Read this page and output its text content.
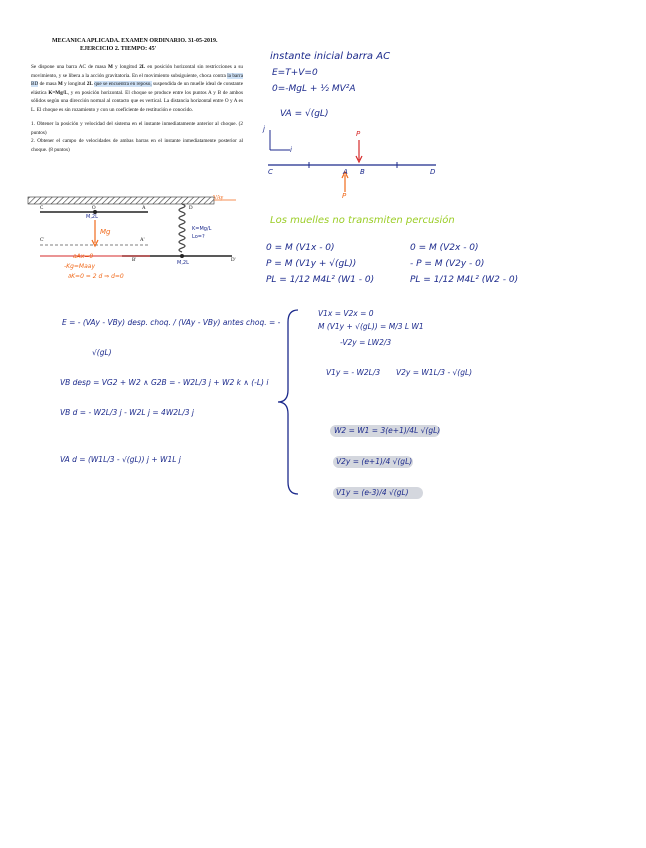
MECANICA APLICADA. EXAMEN ORDINARIO. 31-05-2019.
EJERCICIO 2. TIEMPO: 45'

Se dispone una barra AC de masa M y longitud 2L en posición horizontal sin restricciones a su movimiento, y se libera a la acción gravitatoria. En el movimiento subsiguiente, choca contra la barra BD de masa M y longitud 2L que se encuentra en reposo, suspendida de un muelle ideal de constante elástica K=Mg/L, y en posición horizontal. El choque se produce entre los puntos A y B de ambos sólidos según una dirección normal al contacto que es vertical. La distancia horizontal entre O y A es L. El choque es sin rozamiento y con un coeficiente de restitución e conocido.

1. Obtener la posición y velocidad del sistema en el instante inmediatamente anterior al choque. (2 puntos)

2. Obtener el campo de velocidades de ambas barras en el instante inmediatamente posterior al choque. (8 puntos)

VAy
C	O	A	D
C'	A'
B'	D'
M,2L
Mg	K=Mg/L
Lo=?
M,2L
aAx=0
-Kg=Maay
∂K=0 = 2 d ⇒ d=0
instante inicial barra AC
E=T+V=0
0=-MgL + ½ MV²A
VA = √(gL)
j
i
C	A B	D
P
P
Los muelles no transmiten percusión
0 = M (V1x - 0)
P = M (V1y + √(gL))
PL = 1/12 M4L² (W1 - 0)
0 = M (V2x - 0)
- P = M (V2y - 0)
PL = 1/12 M4L² (W2 - 0)
E = - (VAy - VBy) desp. choq. / (VAy - VBy) antes choq. = -
√(gL)
VB desp = VG2 + W2 ∧ G2B = - W2L/3 j + W2 k ∧ (-L) i
VB d = - W2L/3 j - W2L j = 4W2L/3 j
VA d = (W1L/3 - √(gL)) j + W1L j
V1x = V2x = 0
M (V1y + √(gL)) = M/3 L W1
-V2y = LW2/3
V1y = - W2L/3 V2y = W1L/3 - √(gL)
W2 = W1 = 3(e+1)/4L √(gL)
V2y = (e+1)/4 √(gL)
V1y = (e-3)/4 √(gL)
